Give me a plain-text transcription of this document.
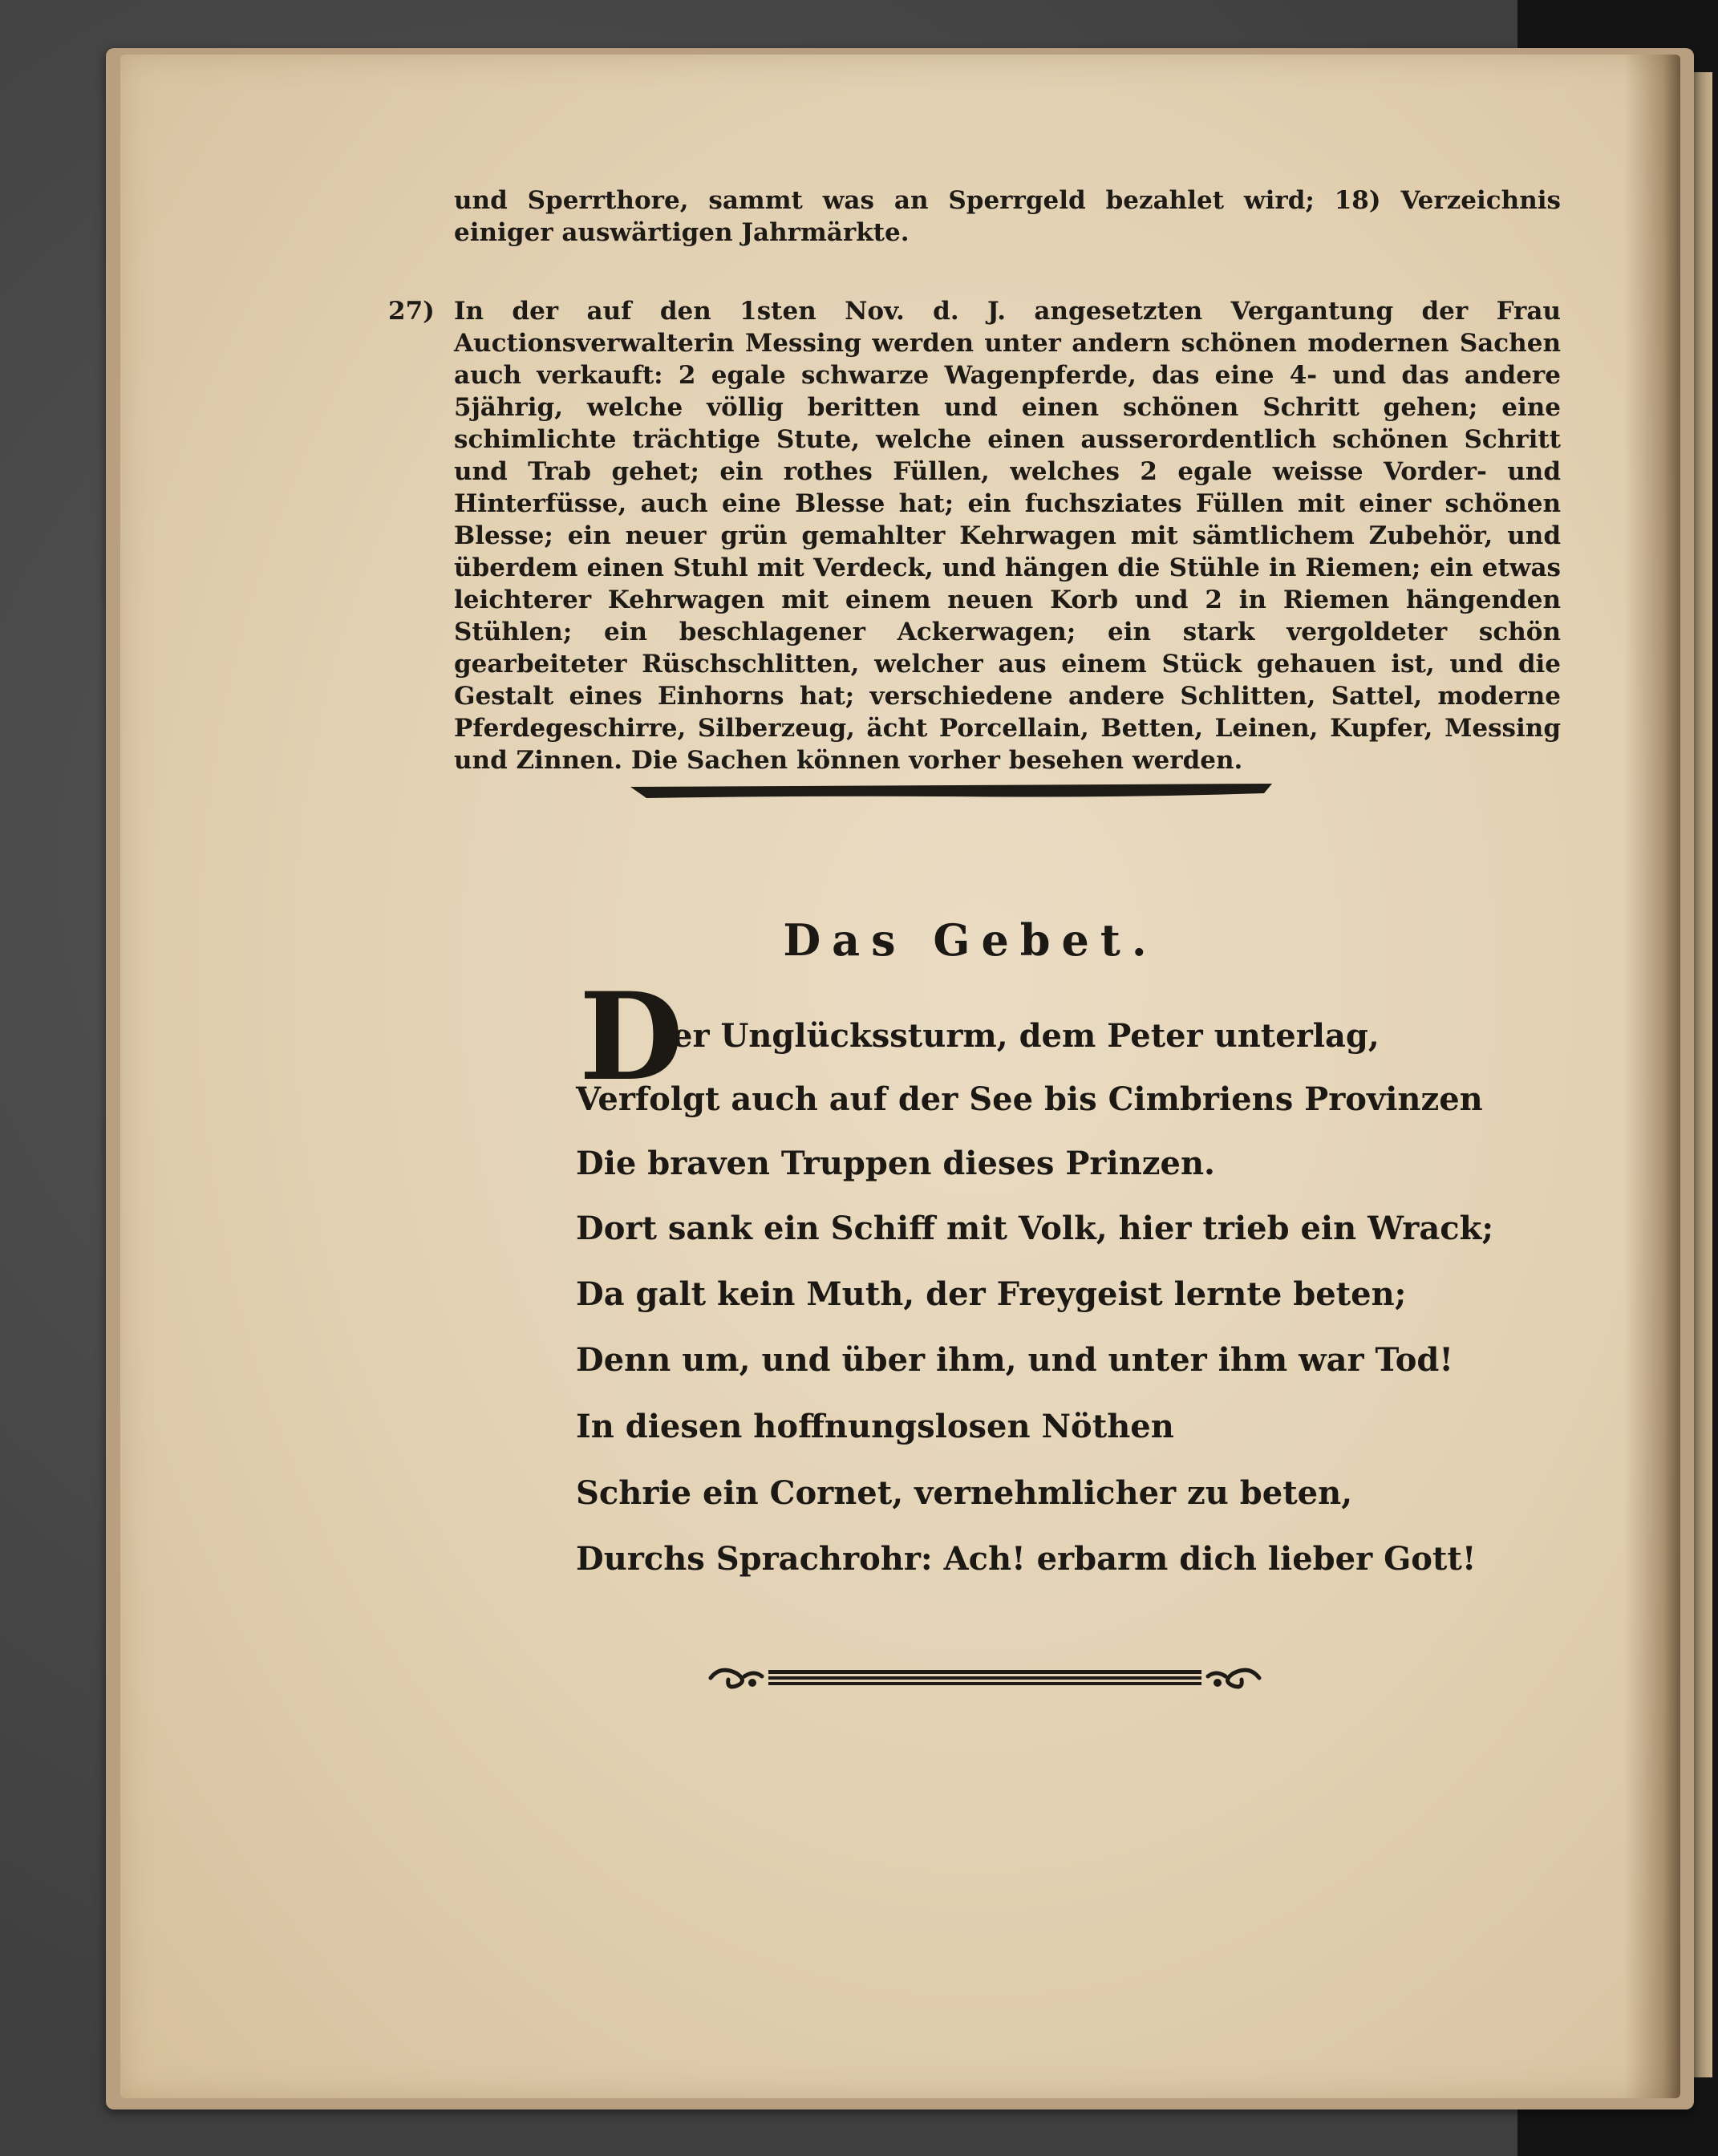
und Sperrthore, sammt was an Sperrgeld bezahlet wird; 18) Verzeichnis einiger auswärtigen Jahrmärkte.
27) In der auf den 1sten Nov. d. J. angesetzten Vergantung der Frau Auctionsverwalterin Messing werden unter andern schönen modernen Sachen auch verkauft: 2 egale schwarze Wagenpferde, das eine 4- und das andere 5jährig, welche völlig beritten und einen schönen Schritt gehen; eine schimlichte trächtige Stute, welche einen ausserordentlich schönen Schritt und Trab gehet; ein rothes Füllen, welches 2 egale weisse Vorder- und Hinterfüsse, auch eine Blesse hat; ein fuchsziates Füllen mit einer schönen Blesse; ein neuer grün gemahlter Kehrwagen mit sämtlichem Zubehör, und überdem einen Stuhl mit Verdeck, und hängen die Stühle in Riemen; ein etwas leichterer Kehrwagen mit einem neuen Korb und 2 in Riemen hängenden Stühlen; ein beschlagener Ackerwagen; ein stark vergoldeter schön gearbeiteter Rüschschlitten, welcher aus einem Stück gehauen ist, und die Gestalt eines Einhorns hat; verschiedene andere Schlitten, Sattel, moderne Pferdegeschirre, Silberzeug, ächt Porcellain, Betten, Leinen, Kupfer, Messing und Zinnen. Die Sachen können vorher besehen werden.
Das Gebet.
D
er Unglückssturm, dem Peter unterlag,
Verfolgt auch auf der See bis Cimbriens Provinzen
Die braven Truppen dieses Prinzen.
Dort sank ein Schiff mit Volk, hier trieb ein Wrack;
Da galt kein Muth, der Freygeist lernte beten;
Denn um, und über ihm, und unter ihm war Tod!
In diesen hoffnungslosen Nöthen
Schrie ein Cornet, vernehmlicher zu beten,
Durchs Sprachrohr: Ach! erbarm dich lieber Gott!
